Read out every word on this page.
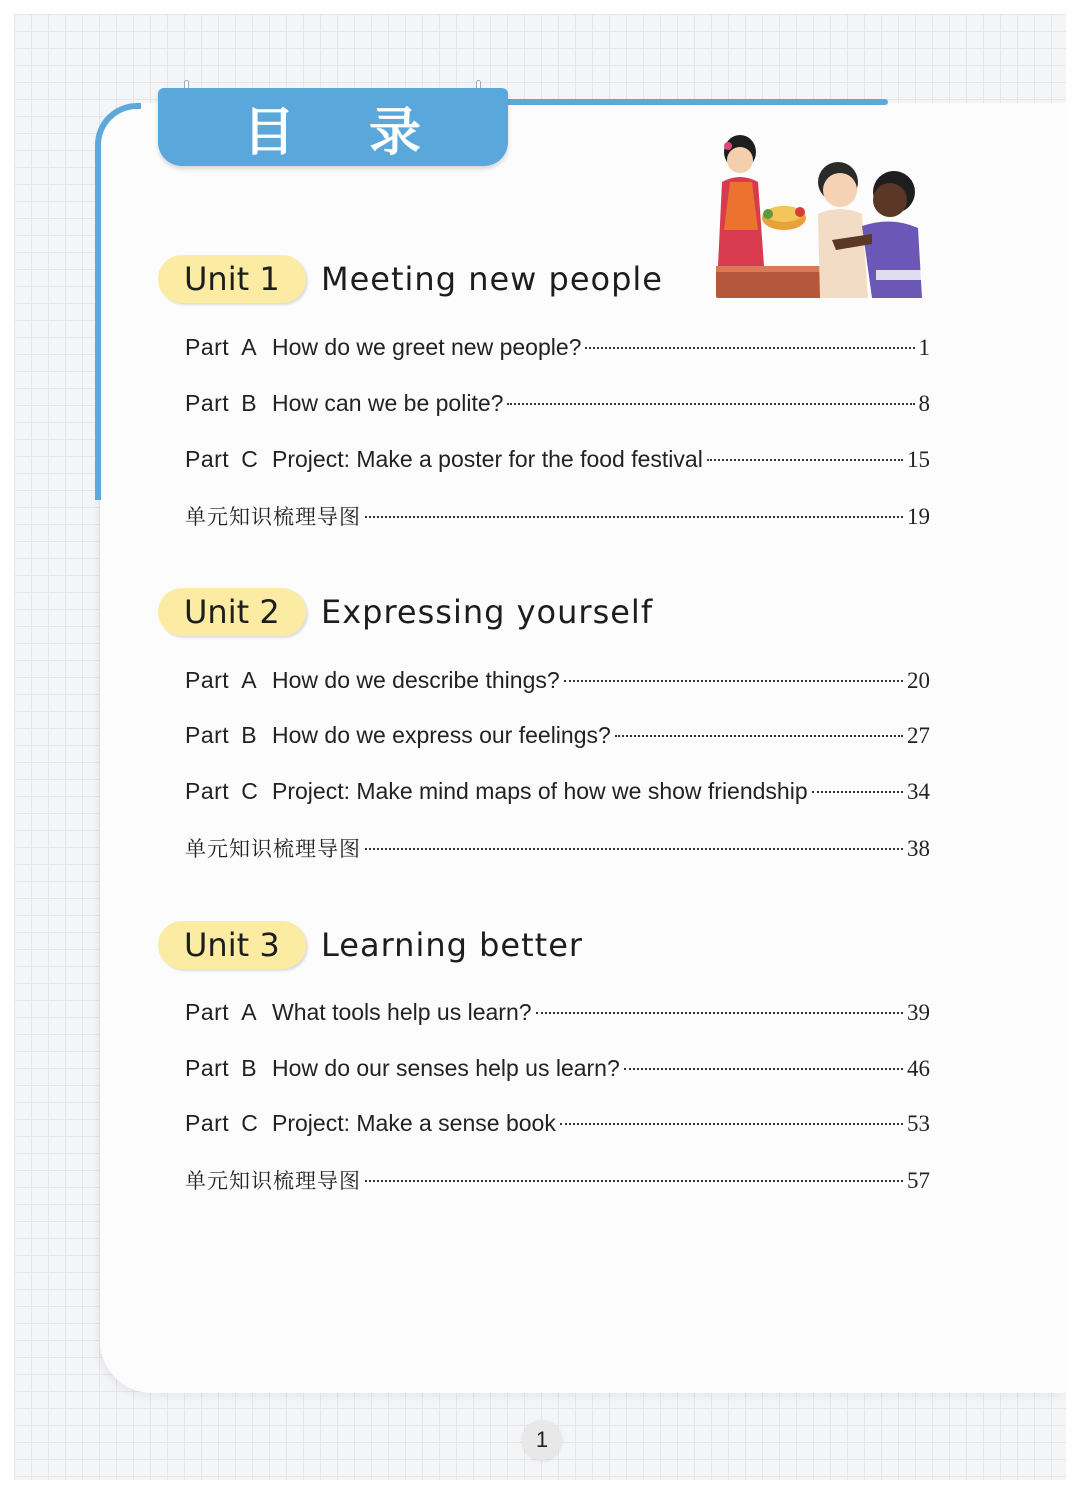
目 录
Unit 1	Meeting new people
Part A How do we greet new people?	1
Part B How can we be polite?	8
Part C Project: Make a poster for the food festival	15
单元知识梳理导图	19
Unit 2	Expressing yourself
Part A How do we describe things?	20
Part B How do we express our feelings?	27
Part C Project: Make mind maps of how we show friendship	34
单元知识梳理导图	38
Unit 3	Learning better
Part A What tools help us learn?	39
Part B How do our senses help us learn?	46
Part C Project: Make a sense book	53
单元知识梳理导图	57
1
